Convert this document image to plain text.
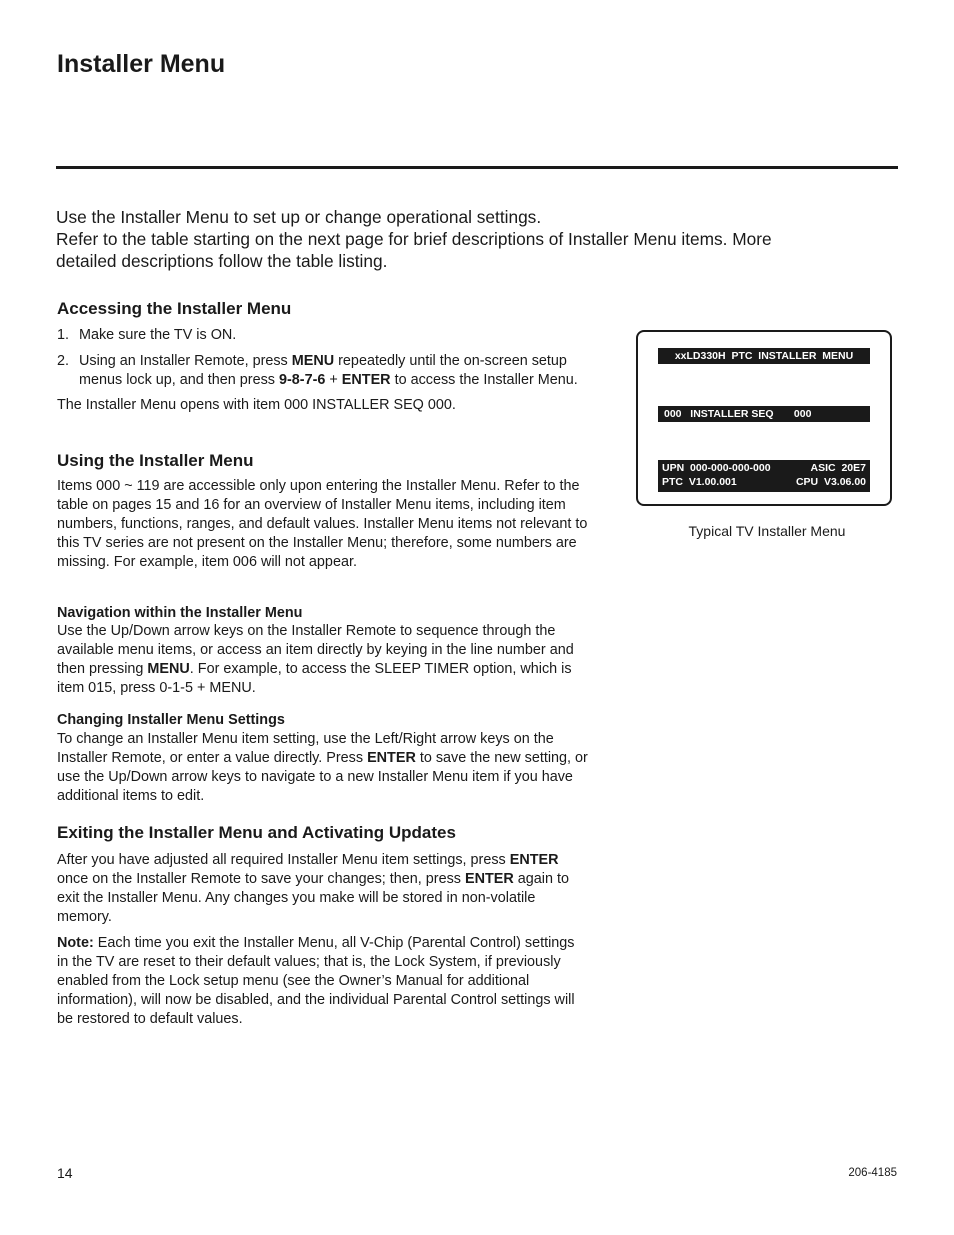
Installer Menu

Use the Installer Menu to set up or change operational settings.

Refer to the table starting on the next page for brief descriptions of Installer Menu items. More detailed descriptions follow the table listing.

Accessing the Installer Menu
1. Make sure the TV is ON.
2. Using an Installer Remote, press MENU repeatedly until the on-screen setup menus lock up, and then press 9-8-7-6 + ENTER to access the Installer Menu.

The Installer Menu opens with item 000 INSTALLER SEQ 000.

Using the Installer Menu

Items 000 ~ 119 are accessible only upon entering the Installer Menu. Refer to the table on pages 15 and 16 for an overview of Installer Menu items, including item numbers, functions, ranges, and default values. Installer Menu items not relevant to this TV series are not present on the Installer Menu; therefore, some numbers are missing. For example, item 006 will not appear.

Navigation within the Installer Menu

Use the Up/Down arrow keys on the Installer Remote to sequence through the available menu items, or access an item directly by keying in the line number and then pressing MENU. For example, to access the SLEEP TIMER option, which is item 015, press 0-1-5 + MENU.

Changing Installer Menu Settings

To change an Installer Menu item setting, use the Left/Right arrow keys on the Installer Remote, or enter a value directly. Press ENTER to save the new setting, or use the Up/Down arrow keys to navigate to a new Installer Menu item if you have additional items to edit.

Exiting the Installer Menu and Activating Updates

After you have adjusted all required Installer Menu item settings, press ENTER once on the Installer Remote to save your changes; then, press ENTER again to exit the Installer Menu. Any changes you make will be stored in non-volatile memory.

Note: Each time you exit the Installer Menu, all V-Chip (Parental Control) settings in the TV are reset to their default values; that is, the Lock System, if previously enabled from the Lock setup menu (see the Owner’s Manual for additional information), will now be disabled, and the individual Parental Control settings will be restored to default values.

xxLD330H  PTC  INSTALLER  MENU
000   INSTALLER SEQ       000
UPN  000-000-000-000	ASIC  20E7
PTC  V1.00.001	CPU  V3.06.00
Typical TV Installer Menu
14	206-4185
